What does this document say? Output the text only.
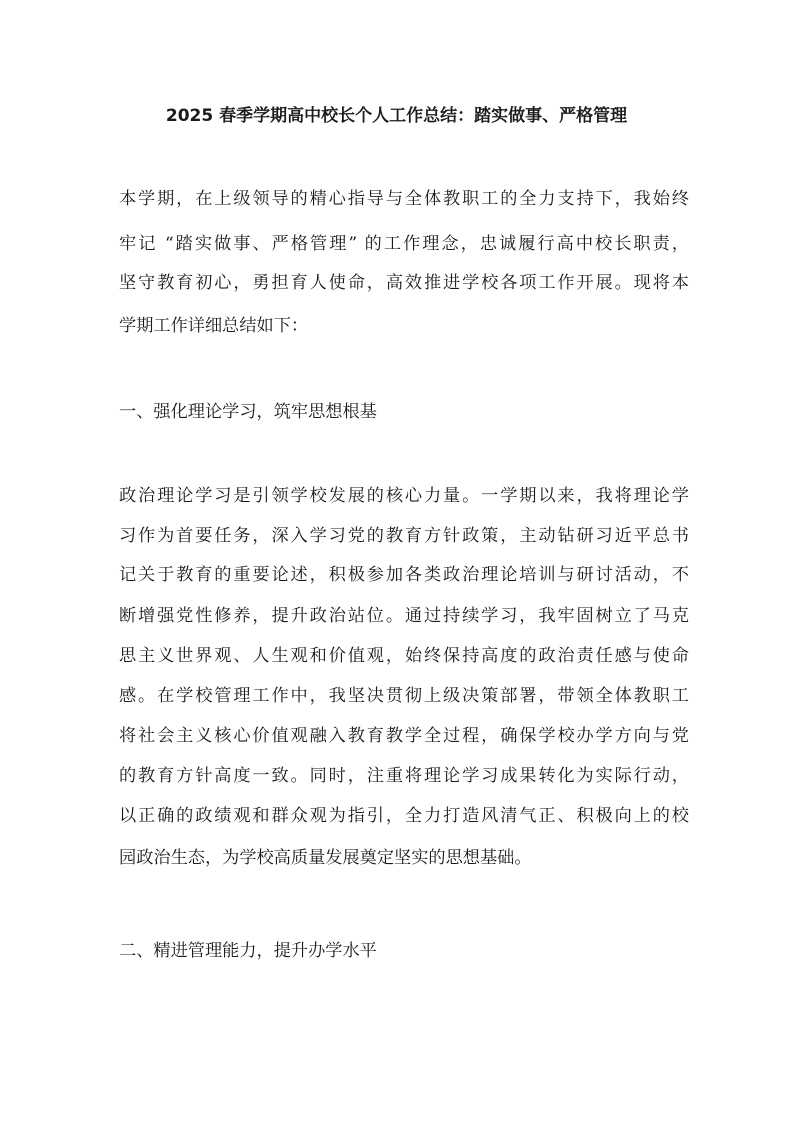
2025 春季学期高中校长个人工作总结：踏实做事、严格管理
本学期，在上级领导的精心指导与全体教职工的全力支持下，我始终
牢记 “踏实做事、严格管理” 的工作理念，忠诚履行高中校长职责，
坚守教育初心，勇担育人使命，高效推进学校各项工作开展。现将本
学期工作详细总结如下：
一、强化理论学习，筑牢思想根基
政治理论学习是引领学校发展的核心力量。一学期以来，我将理论学
习作为首要任务，深入学习党的教育方针政策，主动钻研习近平总书
记关于教育的重要论述，积极参加各类政治理论培训与研讨活动，不
断增强党性修养，提升政治站位。通过持续学习，我牢固树立了马克
思主义世界观、人生观和价值观，始终保持高度的政治责任感与使命
感。在学校管理工作中，我坚决贯彻上级决策部署，带领全体教职工
将社会主义核心价值观融入教育教学全过程，确保学校办学方向与党
的教育方针高度一致。同时，注重将理论学习成果转化为实际行动，
以正确的政绩观和群众观为指引，全力打造风清气正、积极向上的校
园政治生态，为学校高质量发展奠定坚实的思想基础。
二、精进管理能力，提升办学水平
